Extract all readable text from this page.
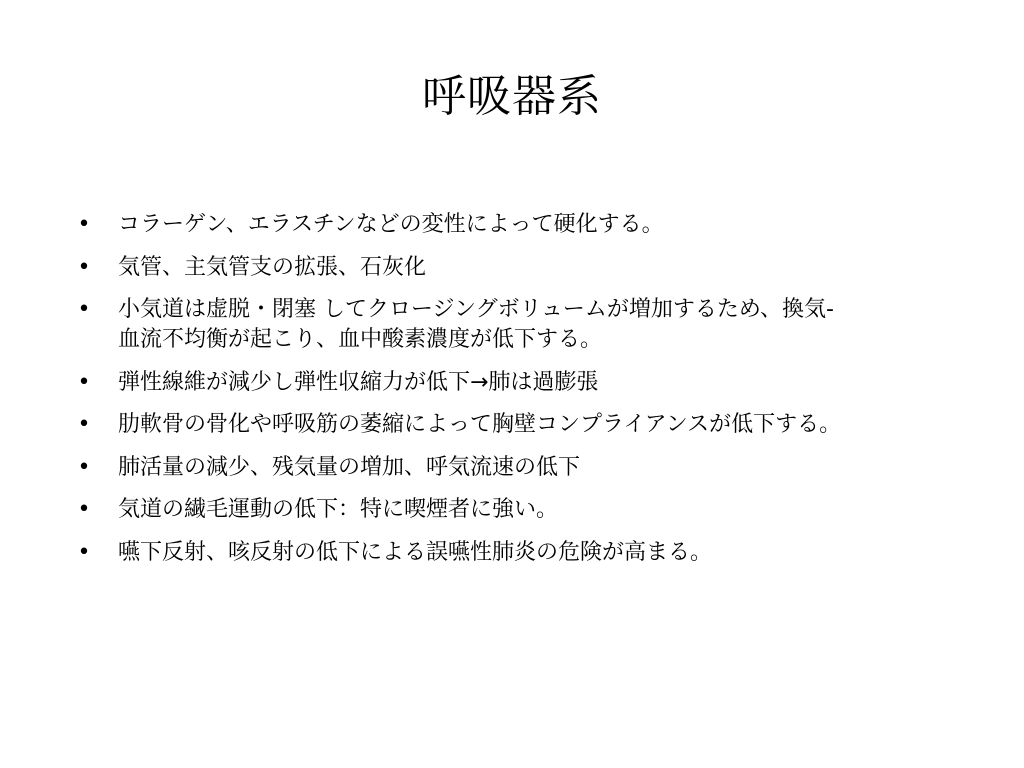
呼吸器系
• コラーゲン、エラスチンなどの変性によって硬化する。
• 気管、主気管支の拡張、石灰化
• 小気道は虚脱・閉塞 してクロージングボリュームが増加するため、換気-
血流不均衡が起こり、血中酸素濃度が低下する。
• 弾性線維が減少し弾性収縮力が低下→肺は過膨張
• 肋軟骨の骨化や呼吸筋の萎縮によって胸壁コンプライアンスが低下する。
• 肺活量の減少、残気量の増加、呼気流速の低下
• 気道の繊毛運動の低下：特に喫煙者に強い。
• 嚥下反射、咳反射の低下による誤嚥性肺炎の危険が高まる。
